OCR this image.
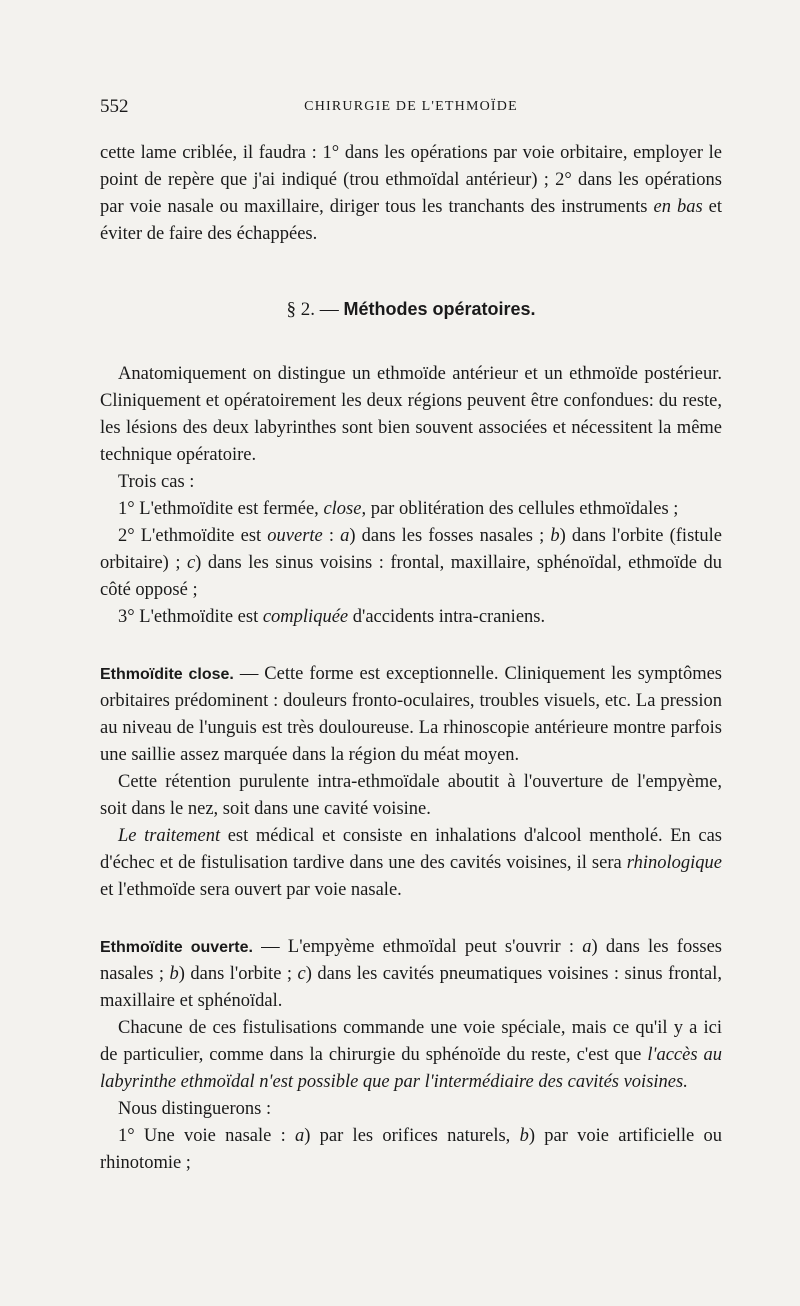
552	CHIRURGIE DE L'ETHMOÏDE

cette lame criblée, il faudra : 1° dans les opérations par voie orbitaire, employer le point de repère que j'ai indiqué (trou ethmoïdal antérieur) ; 2° dans les opérations par voie nasale ou maxillaire, diriger tous les tranchants des instruments en bas et éviter de faire des échappées.

§ 2. — Méthodes opératoires.

Anatomiquement on distingue un ethmoïde antérieur et un ethmoïde postérieur. Cliniquement et opératoirement les deux régions peuvent être confondues: du reste, les lésions des deux labyrinthes sont bien souvent associées et nécessitent la même technique opératoire.

Trois cas :

1° L'ethmoïdite est fermée, close, par oblitération des cellules ethmoïdales ;

2° L'ethmoïdite est ouverte : a) dans les fosses nasales ; b) dans l'orbite (fistule orbitaire) ; c) dans les sinus voisins : frontal, maxillaire, sphénoïdal, ethmoïde du côté opposé ;

3° L'ethmoïdite est compliquée d'accidents intra-craniens.

Ethmoïdite close. — Cette forme est exceptionnelle. Cliniquement les symptômes orbitaires prédominent : douleurs fronto-oculaires, troubles visuels, etc. La pression au niveau de l'unguis est très douloureuse. La rhinoscopie antérieure montre parfois une saillie assez marquée dans la région du méat moyen.

Cette rétention purulente intra-ethmoïdale aboutit à l'ouverture de l'empyème, soit dans le nez, soit dans une cavité voisine.

Le traitement est médical et consiste en inhalations d'alcool mentholé. En cas d'échec et de fistulisation tardive dans une des cavités voisines, il sera rhinologique et l'ethmoïde sera ouvert par voie nasale.

Ethmoïdite ouverte. — L'empyème ethmoïdal peut s'ouvrir : a) dans les fosses nasales ; b) dans l'orbite ; c) dans les cavités pneumatiques voisines : sinus frontal, maxillaire et sphénoïdal.

Chacune de ces fistulisations commande une voie spéciale, mais ce qu'il y a ici de particulier, comme dans la chirurgie du sphénoïde du reste, c'est que l'accès au labyrinthe ethmoïdal n'est possible que par l'intermédiaire des cavités voisines.

Nous distinguerons :

1° Une voie nasale : a) par les orifices naturels, b) par voie artificielle ou rhinotomie ;
